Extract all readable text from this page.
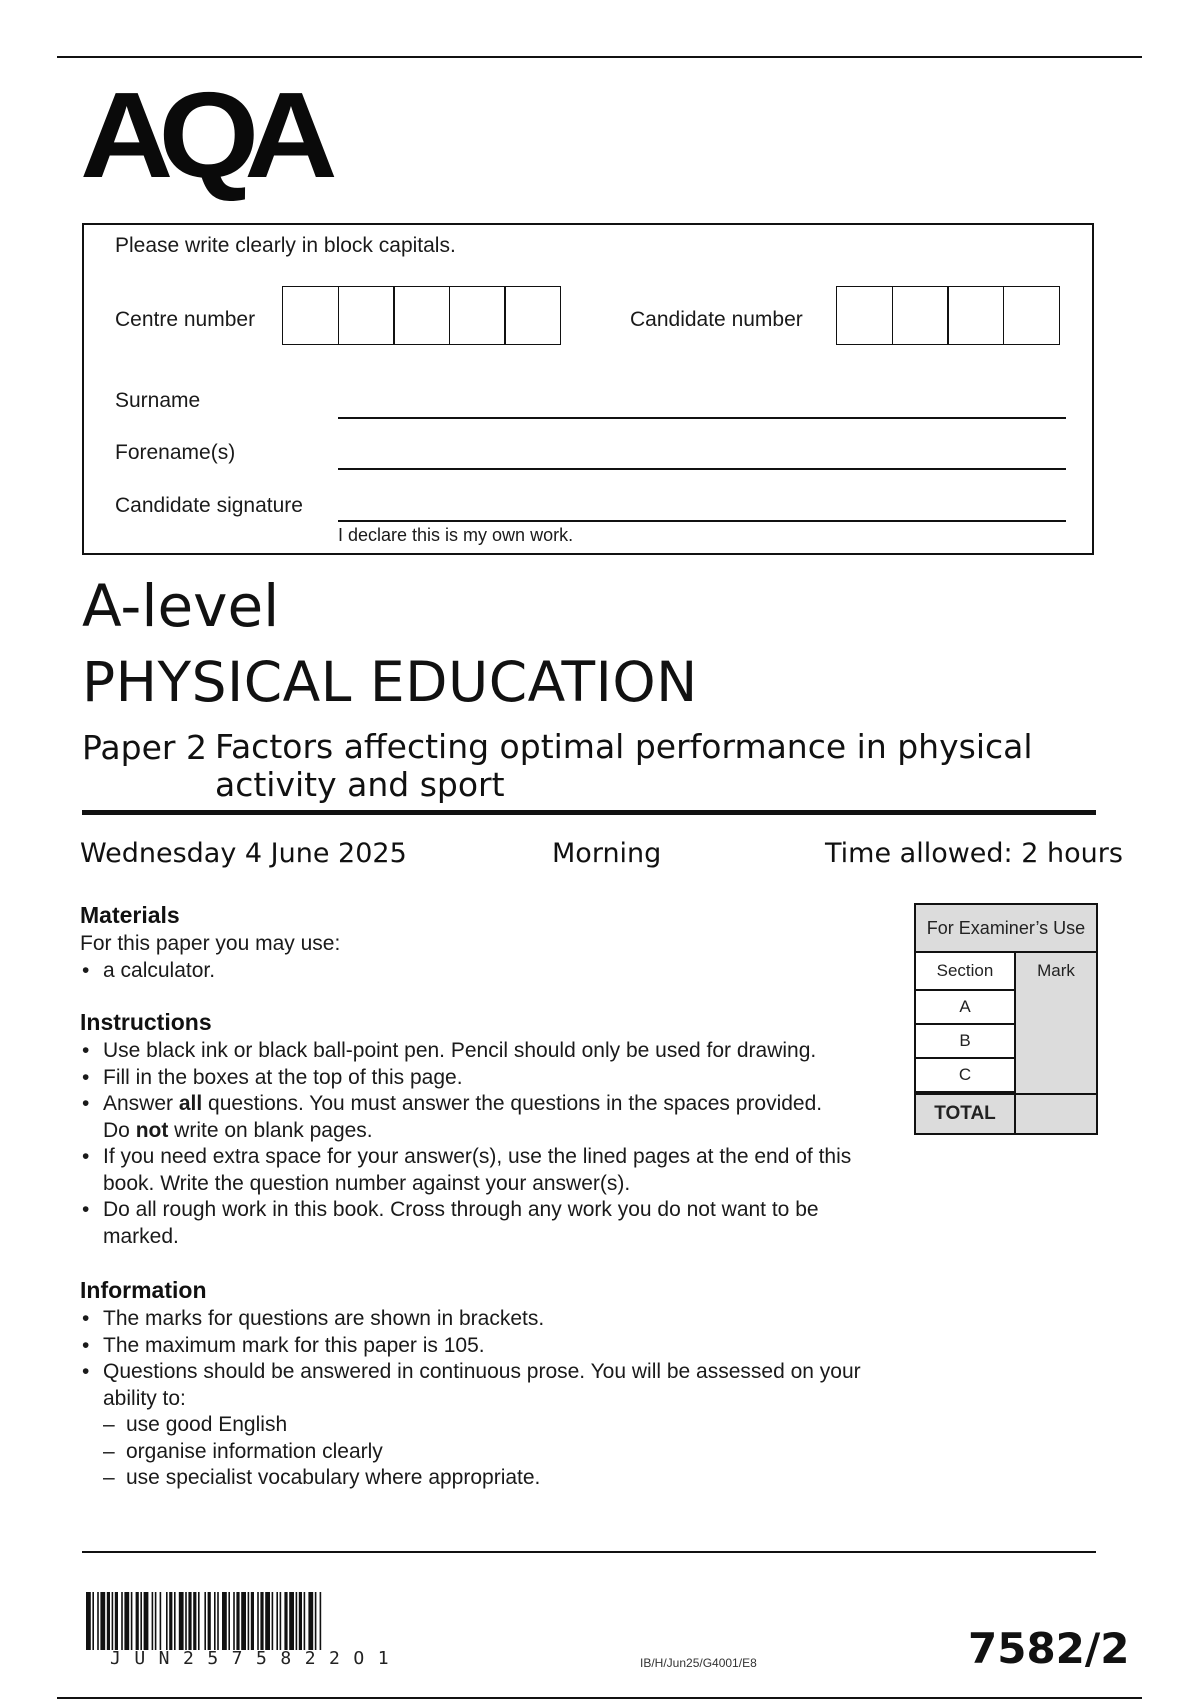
AQA
Please write clearly in block capitals.
Centre number	Candidate number
Surname
Forename(s)
Candidate signature
I declare this is my own work.
A-level
PHYSICAL EDUCATION
Paper 2 Factors affecting optimal performance in physical activity and sport
Wednesday 4 June 2025	Morning	Time allowed: 2 hours
Materials
For this paper you may use:
• a calculator.
Instructions
• Use black ink or black ball-point pen. Pencil should only be used for drawing.
• Fill in the boxes at the top of this page.
• Answer all questions. You must answer the questions in the spaces provided.
Do not write on blank pages.
• If you need extra space for your answer(s), use the lined pages at the end of this book. Write the question number against your answer(s).
• Do all rough work in this book. Cross through any work you do not want to be marked.
Information
• The marks for questions are shown in brackets.
• The maximum mark for this paper is 105.
• Questions should be answered in continuous prose. You will be assessed on your ability to:
– use good English
– organise information clearly
– use specialist vocabulary where appropriate.
For Examiner’s Use
Section	Mark
A
B
C
TOTAL
JUN2575822O1	IB/H/Jun25/G4001/E8	7582/2
